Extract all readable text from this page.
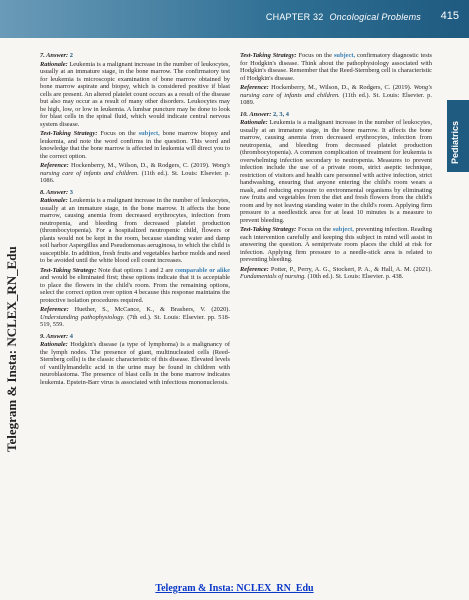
CHAPTER 32 Oncological Problems 415
Pediatrics
Telegram & Insta: NCLEX_RN_Edu
7. Answer: 2

Rationale: Leukemia is a malignant increase in the number of leukocytes, usually at an immature stage, in the bone marrow. The confirmatory test for leukemia is microscopic examination of bone marrow obtained by bone marrow aspirate and biopsy, which is considered positive if blast cells are present. An altered platelet count occurs as a result of the disease but also may occur as a result of many other disorders. Leukocytes may be high, low, or low in leukemia. A lumbar puncture may be done to look for blast cells in the spinal fluid, which would indicate central nervous system disease.

Test-Taking Strategy: Focus on the subject, bone marrow biopsy and leukemia, and note the word confirms in the question. This word and knowledge that the bone marrow is affected in leukemia will direct you to the correct option.

Reference: Hockenberry, M., Wilson, D., & Rodgers, C. (2019). Wong's nursing care of infants and children. (11th ed.). St. Louis: Elsevier. p. 1086.

8. Answer: 3

Rationale: Leukemia is a malignant increase in the number of leukocytes, usually at an immature stage, in the bone marrow. It affects the bone marrow, causing anemia from decreased erythrocytes, infection from neutropenia, and bleeding from decreased platelet production (thrombocytopenia). For a hospitalized neutropenic child, flowers or plants would not be kept in the room, because standing water and damp soil harbor Aspergillus and Pseudomonas aeruginosa, to which the child is susceptible. In addition, fresh fruits and vegetables harbor molds and need to be avoided until the white blood cell count increases.

Test-Taking Strategy: Note that options 1 and 2 are comparable or alike and would be eliminated first; these options indicate that it is acceptable to place the flowers in the child's room. From the remaining options, select the correct option over option 4 because this response maintains the protective isolation procedures required.

Reference: Huether, S., McCance, K., & Brashers, V. (2020). Understanding pathophysiology. (7th ed.). St. Louis: Elsevier. pp. 518-519, 559.

9. Answer: 4

Rationale: Hodgkin's disease (a type of lymphoma) is a malignancy of the lymph nodes. The presence of giant, multinucleated cells (Reed-Sternberg cells) is the classic characteristic of this disease. Elevated levels of vanillylmandelic acid in the urine may be found in children with neuroblastoma. The presence of blast cells in the bone marrow indicates leukemia. Epstein-Barr virus is associated with infectious mononucleosis.

Test-Taking Strategy: Focus on the subject, confirmatory diagnostic tests for Hodgkin's disease. Think about the pathophysiology associated with Hodgkin's disease. Remember that the Reed-Sternberg cell is characteristic of Hodgkin's disease.

Reference: Hockenberry, M., Wilson, D., & Rodgers, C. (2019). Wong's nursing care of infants and children. (11th ed.). St. Louis: Elsevier. p. 1089.

10. Answer: 2, 3, 4

Rationale: Leukemia is a malignant increase in the number of leukocytes, usually at an immature stage, in the bone marrow. It affects the bone marrow, causing anemia from decreased erythrocytes, infection from neutropenia, and bleeding from decreased platelet production (thrombocytopenia). A common complication of treatment for leukemia is overwhelming infection secondary to neutropenia. Measures to prevent infection include the use of a private room, strict aseptic technique, restriction of visitors and health care personnel with active infection, strict handwashing, ensuring that anyone entering the child's room wears a mask, and reducing exposure to environmental organisms by eliminating raw fruits and vegetables from the diet and fresh flowers from the child's room and by not leaving standing water in the child's room. Applying firm pressure to a needlestick area for at least 10 minutes is a measure to prevent bleeding.

Test-Taking Strategy: Focus on the subject, preventing infection. Reading each intervention carefully and keeping this subject in mind will assist in answering the question. A semiprivate room places the child at risk for infection. Applying firm pressure to a needle-stick area is related to preventing bleeding.

Reference: Potter, P., Perry, A. G., Stockert, P. A., & Hall, A. M. (2021). Fundamentals of nursing. (10th ed.). St. Louis: Elsevier. p. 438.

Telegram & Insta: NCLEX_RN_Edu
